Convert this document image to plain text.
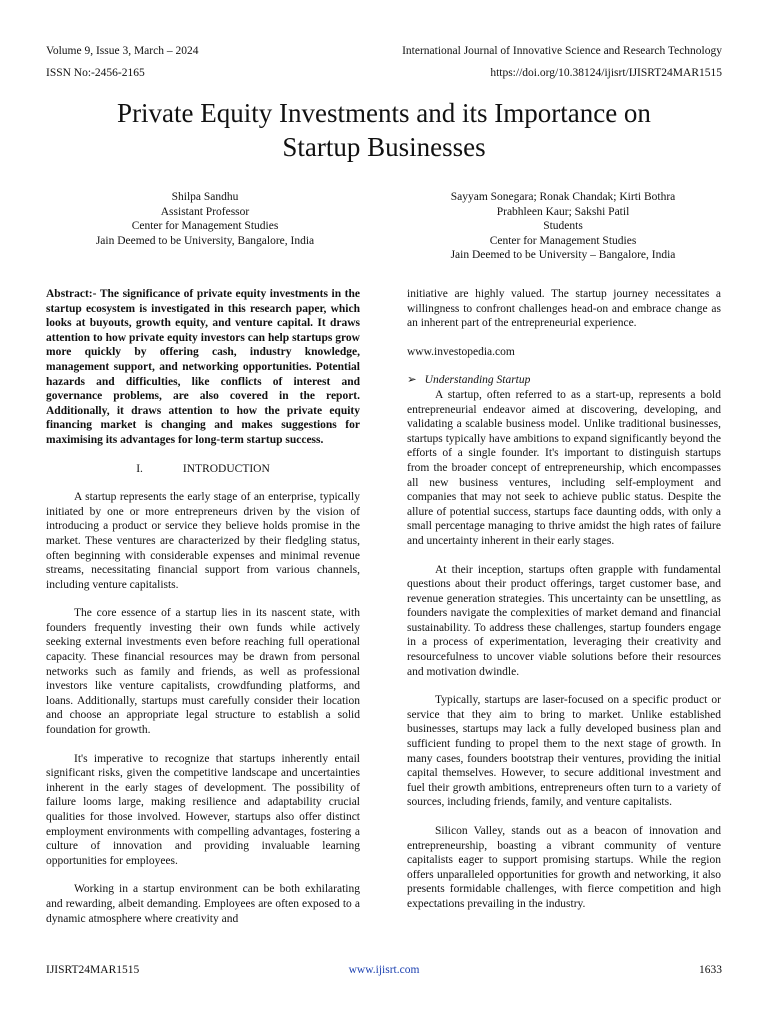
Volume 9, Issue 3, March – 2024
ISSN No:-2456-2165
International Journal of Innovative Science and Research Technology
https://doi.org/10.38124/ijisrt/IJISRT24MAR1515
Private Equity Investments and its Importance on
Startup Businesses
Shilpa Sandhu
Assistant Professor
Center for Management Studies
Jain Deemed to be University, Bangalore, India
Sayyam Sonegara; Ronak Chandak; Kirti Bothra
Prabhleen Kaur; Sakshi Patil
Students
Center for Management Studies
Jain Deemed to be University – Bangalore, India

Abstract:- The significance of private equity investments in the startup ecosystem is investigated in this research paper, which looks at buyouts, growth equity, and venture capital. It draws attention to how private equity investors can help startups grow more quickly by offering cash, industry knowledge, management support, and networking opportunities. Potential hazards and difficulties, like conflicts of interest and governance problems, are also covered in the report. Additionally, it draws attention to how the private equity financing market is changing and makes suggestions for maximising its advantages for long-term startup success.

I.	INTRODUCTION

A startup represents the early stage of an enterprise, typically initiated by one or more entrepreneurs driven by the vision of introducing a product or service they believe holds promise in the market. These ventures are characterized by their fledgling status, often beginning with considerable expenses and minimal revenue streams, necessitating financial support from various channels, including venture capitalists.

The core essence of a startup lies in its nascent state, with founders frequently investing their own funds while actively seeking external investments even before reaching full operational capacity. These financial resources may be drawn from personal networks such as family and friends, as well as professional investors like venture capitalists, crowdfunding platforms, and loans. Additionally, startups must carefully consider their location and choose an appropriate legal structure to establish a solid foundation for growth.

It's imperative to recognize that startups inherently entail significant risks, given the competitive landscape and uncertainties inherent in the early stages of development. The possibility of failure looms large, making resilience and adaptability crucial qualities for those involved. However, startups also offer distinct employment environments with compelling advantages, fostering a culture of innovation and providing invaluable learning opportunities for employees.

Working in a startup environment can be both exhilarating and rewarding, albeit demanding. Employees are often exposed to a dynamic atmosphere where creativity and

initiative are highly valued. The startup journey necessitates a willingness to confront challenges head-on and embrace change as an inherent part of the entrepreneurial experience.

www.investopedia.com

➢ Understanding Startup

A startup, often referred to as a start-up, represents a bold entrepreneurial endeavor aimed at discovering, developing, and validating a scalable business model. Unlike traditional businesses, startups typically have ambitions to expand significantly beyond the efforts of a single founder. It's important to distinguish startups from the broader concept of entrepreneurship, which encompasses all new business ventures, including self-employment and companies that may not seek to achieve public status. Despite the allure of potential success, startups face daunting odds, with only a small percentage managing to thrive amidst the high rates of failure and uncertainty inherent in their early stages.

At their inception, startups often grapple with fundamental questions about their product offerings, target customer base, and revenue generation strategies. This uncertainty can be unsettling, as founders navigate the complexities of market demand and financial sustainability. To address these challenges, startup founders engage in a process of experimentation, leveraging their creativity and resourcefulness to uncover viable solutions before their resources and motivation dwindle.

Typically, startups are laser-focused on a specific product or service that they aim to bring to market. Unlike established businesses, startups may lack a fully developed business plan and sufficient funding to propel them to the next stage of growth. In many cases, founders bootstrap their ventures, providing the initial capital themselves. However, to secure additional investment and fuel their growth ambitions, entrepreneurs often turn to a variety of sources, including friends, family, and venture capitalists.

Silicon Valley, stands out as a beacon of innovation and entrepreneurship, boasting a vibrant community of venture capitalists eager to support promising startups. While the region offers unparalleled opportunities for growth and networking, it also presents formidable challenges, with fierce competition and high expectations prevailing in the industry.

IJISRT24MAR1515	www.ijisrt.com	1633
